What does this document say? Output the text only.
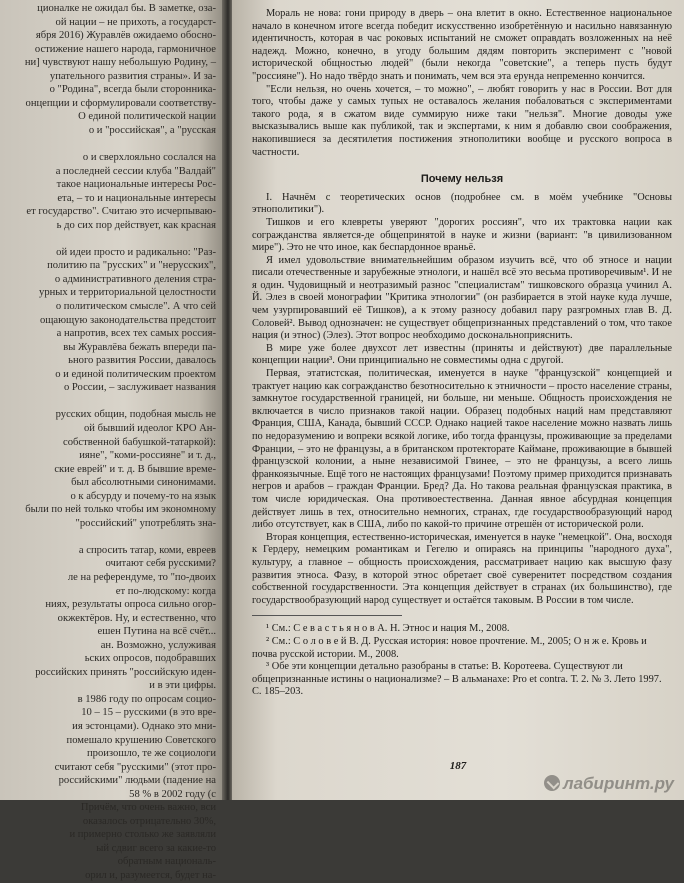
ционалке не ожидал бы. В заметке, оза-
ой нации – не прихоть, а государст-
ября 2016) Журавлёв ожидаемо обосно-
остижение нашего народа, гармоничное
ни] чувствуют нашу небольшую Родину, –
упательного развития страны». И за-
о "Родина", всегда были сторонника-
онцепции и сформулировали соответству-
О единой политической нации
о и "российская", а "русская

о и сверхлояльно сослался на
а последней сессии клуба "Валдай"
такое национальные интересы Рос-
ета, – то и национальные интересы
ет государство". Считаю это исчерпываю-
ь до сих пор действует, как красная

ой идеи просто и радикально: "Раз-
политию па "русских" и "нерусских",
о административного деления стра-
урных и территориальной целостности
о политическом смысле". А что сей
ощающую законодательства предстоит
а напротив, всех тех самых россия-
вы Журавлёва бежать впереди па-
ьного развития России, давалось
о и единой политическим проектом
о России, – заслуживает названия

русских общин, подобная мысль не
ой бывший идеолог КРО Ан-
собственной бабушкой-татаркой):
ияне", "коми-россияне" и т. д.,
ские еврей" и т. д. В бывшие време-
был абсолютными синонимами.
о к абсурду и почему-то на язык
были по ней только чтобы им экономному
"российский" употреблять зна-

а спросить татар, коми, евреев
очитают себя русскими?
ле на референдуме, то "по-двоих
ет по-людскому: когда
ниях, результаты опроса сильно огор-
окжектёров. Ну, и естественно, что
ешен Путина на всё счёт...
ан. Возможно, услуживая
ьских опросов, подобравших
российских принять "российскую иден-
и в эти цифры.
в 1986 году по опросам социо-
10 – 15 – русскими (в это вре-
ия эстонцами). Однако это мни-
помешало крушению Советского
произошло, те же социологи
считают себя "русскими" (этот про-
российскими" людьми (падение на
58 % в 2002 году (с
Причём, что очень важно, вси
оказалось отрицательно 30%,
и примерно столько же заявляли
ый сдвиг всего за какие-то
обратным националь-
орил и, разумеется, будет на-

Мораль не нова: гони природу в дверь – она влетит в окно. Естественное национальное начало в конечном итоге всегда победит искусственно изобретённую и насильно навязанную идентичность, которая в час роковых испытаний не сможет оправдать возложенных на неё надежд. Можно, конечно, в угоду большим дядям повторить эксперимент с "новой исторической общностью людей" (были некогда "советские", а теперь пусть будут "россияне"). Но надо твёрдо знать и понимать, чем вся эта ерунда непременно кончится.

"Если нельзя, но очень хочется, – то можно", – любят говорить у нас в России. Вот для того, чтобы даже у самых тупых не оставалось желания побаловаться с экспериментами такого рода, я в сжатом виде суммирую ниже таки "нельзя". Многие доводы уже высказывались выше как публикой, так и экспертами, к ним я добавлю свои соображения, накопившиеся за десятилетия постижения этнополитики вообще и русского вопроса в частности.

Почему нельзя

I. Начнём с теоретических основ (подробнее см. в моём учебнике "Основы этнополитики").

Тишков и его клевреты уверяют "дорогих россиян", что их трактовка нации как согражданства является-де общепринятой в науке и жизни (вариант: "в цивилизованном мире"). Это не что иное, как беспардонное враньё.

Я имел удовольствие внимательнейшим образом изучить всё, что об этносе и нации писали отечественные и зарубежные этнологи, и нашёл всё это весьма противоречивым¹. И не я один. Чудовищный и неотразимый разнос "специалистам" тишковского образца учинил А. Й. Элез в своей монографии "Критика этнологии" (он разбирается в этой науке куда лучше, чем узурпировавший её Тишков), а к этому разносу добавил пару разгромных глав В. Д. Соловей². Вывод однозначен: не существует общепризнанных представлений о том, что такое нация (и этнос) (Элез). Этот вопрос необходимо доскональноприяснить.

В мире уже более двухсот лет известны (приняты и действуют) две параллельные концепции нации³. Они принципиально не совместимы одна с другой.

Первая, этатистская, политическая, именуется в науке "французской" концепцией и трактует нацию как согражданство безотносительно к этничности – просто население страны, замкнутое государственной границей, ни больше, ни меньше. Общность происхождения не включается в число признаков такой нации. Образец подобных наций нам представляют Франция, США, Канада, бывший СССР. Однако нацией такое население можно назвать лишь по недоразумению и вопреки всякой логике, ибо тогда французы, проживающие за пределами Франции, – это не французы, а в британском протекторате Каймане, проживающие в бывшей французской колонии, а ныне независимой Гвинее, – это не французы, а всего лишь франкоязычные. Ещё того не настоящих французами! Поэтому пример приходится признавать негров и арабов – граждан Франции. Бред? Да. Но такова реальная французская практика, в том числе юридическая. Она противоестественна. Данная явное абсурдная концепция действует лишь в тех, относительно немногих, странах, где государствообразующий народ либо отсутствует, как в США, либо по какой-то причине отрешён от исторической роли.

Вторая концепция, естественно-историческая, именуется в науке "немецкой". Она, восходя к Гердеру, немецким романтикам и Гегелю и опираясь на принципы "народного духа", культуру, а главное – общность происхождения, рассматривает нацию как высшую фазу развития этноса. Фазу, в которой этнос обретает своё суверенитет посредством создания собственной государственности. Эта концепция действует в странах (их большинство), где государствообразующий народ существует и остаётся таковым. В России в том числе.

¹ См.: С е в а с т ь я н о в А. Н. Этнос и нация М., 2008.

² См.: С о л о в е й В. Д. Русская история: новое прочтение. М., 2005; О н ж е. Кровь и почва русской истории. М., 2008.

³ Обе эти концепции детально разобраны в статье: В. Коротеева. Существуют ли общепризнанные истины о национализме? – В альманахе: Pro et contra. Т. 2. № 3. Лето 1997. С. 185–203.

187
лабиринт.ру
